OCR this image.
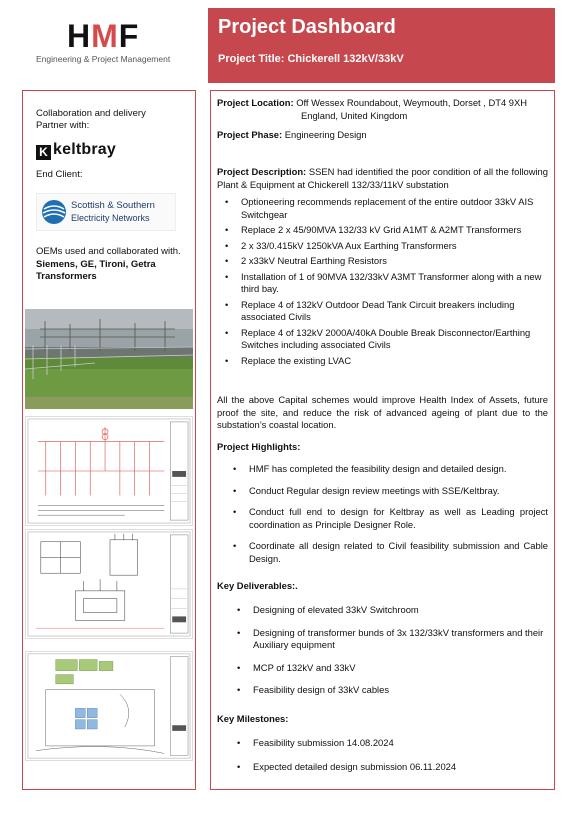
HMF
Engineering & Project Management
Project Dashboard
Project Title: Chickerell 132kV/33kV
Collaboration and delivery Partner with:
K keltbray
End Client:
Scottish & Southern
Electricity Networks
OEMs used and collaborated with.
Siemens, GE, Tironi, Getra Transformers
Project Location: Off Wessex Roundabout, Weymouth, Dorset , DT4 9XH
England, United Kingdom
Project Phase: Engineering Design
Project Description: SSEN had identified the poor condition of all the following Plant & Equipment at Chickerell 132/33/11kV substation
• Optioneering recommends replacement of the entire outdoor 33kV AIS Switchgear
• Replace 2 x 45/90MVA 132/33 kV Grid A1MT & A2MT Transformers
• 2 x 33/0.415kV 1250kVA Aux Earthing Transformers
• 2 x33kV Neutral Earthing Resistors
• Installation of 1 of 90MVA 132/33kV A3MT Transformer along with a new third bay.
• Replace 4 of 132kV Outdoor Dead Tank Circuit breakers including associated Civils
• Replace 4 of 132kV 2000A/40kA Double Break Disconnector/Earthing Switches including associated Civils
• Replace the existing LVAC
All the above Capital schemes would improve Health Index of Assets, future proof the site, and reduce the risk of advanced ageing of plant due to the substation’s coastal location.
Project Highlights:
• HMF has completed the feasibility design and detailed design.
• Conduct Regular design review meetings with SSE/Keltbray.
• Conduct full end to design for Keltbray as well as Leading project coordination as Principle Designer Role.
• Coordinate all design related to Civil feasibility submission and Cable Design.
Key Deliverables:.
• Designing of elevated 33kV Switchroom
• Designing of transformer bunds of 3x 132/33kV transformers and their Auxiliary equipment
• MCP of 132kV and 33kV
• Feasibility design of 33kV cables
Key Milestones:
• Feasibility submission 14.08.2024
• Expected detailed design submission 06.11.2024
